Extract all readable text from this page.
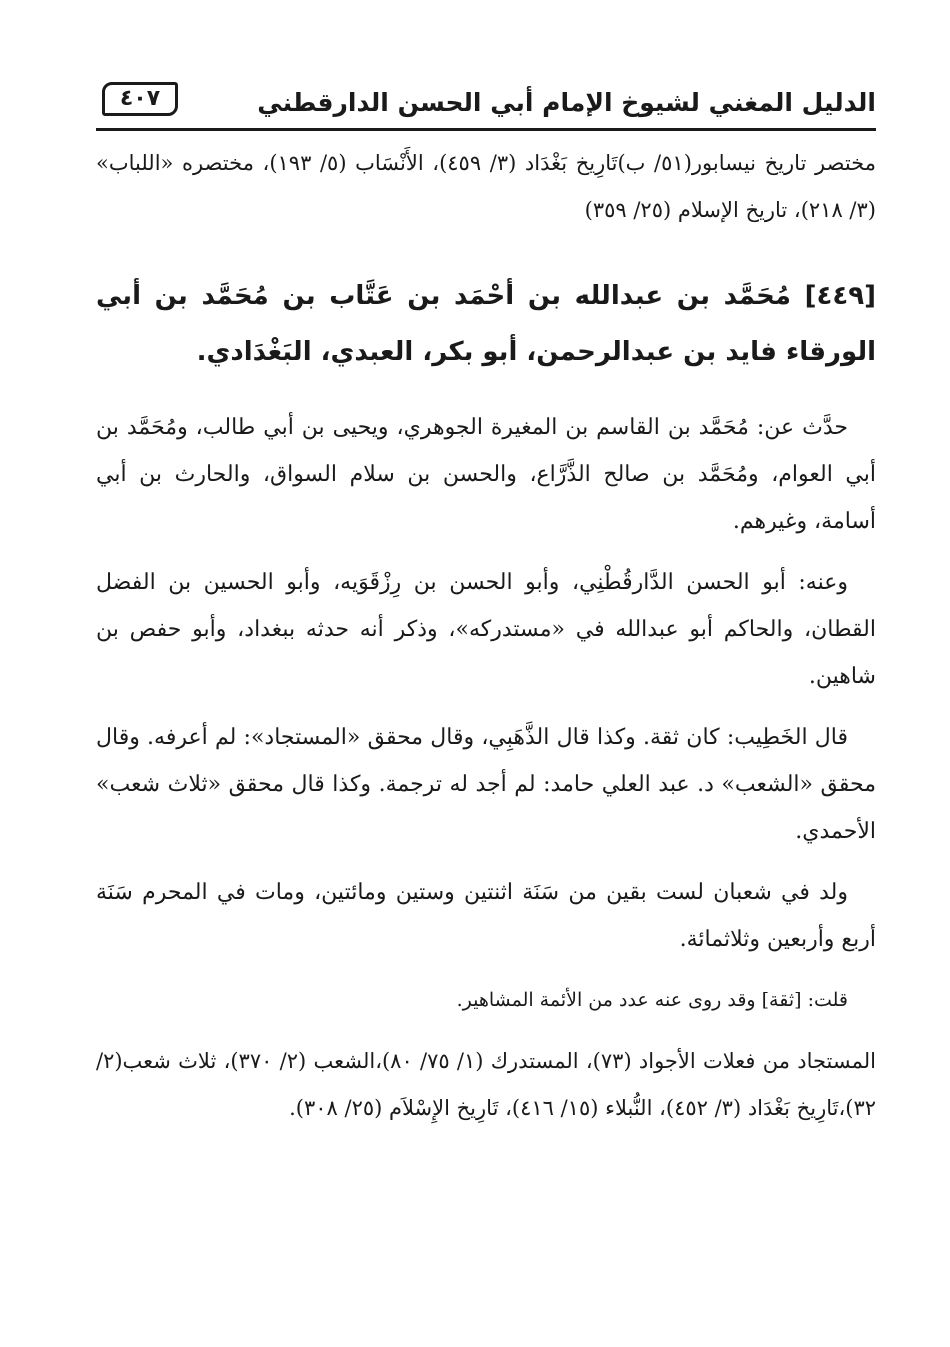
الدليل المغني لشيوخ الإمام أبي الحسن الدارقطني
٤٠٧

مختصر تاريخ نيسابور(٥١/ ب)تَارِيخ بَغْدَاد (٣/ ٤٥٩)، الأَنْسَاب (٥/ ١٩٣)، مختصره «اللباب» (٣/ ٢١٨)، تاريخ الإسلام (٢٥/ ٣٥٩)

[٤٤٩] مُحَمَّد بن عبدالله بن أحْمَد بن عَتَّاب بن مُحَمَّد بن أبي الورقاء فايد بن عبدالرحمن، أبو بكر، العبدي، البَغْدَادي.

حدَّث عن: مُحَمَّد بن القاسم بن المغيرة الجوهري، ويحيى بن أبي طالب، ومُحَمَّد بن أبي العوام، ومُحَمَّد بن صالح الذَّرَّاع، والحسن بن سلام السواق، والحارث بن أبي أسامة، وغيرهم.

وعنه: أبو الحسن الدَّارقُطْنِي، وأبو الحسن بن رِزْقَوَيه، وأبو الحسين بن الفضل القطان، والحاكم أبو عبدالله في «مستدركه»، وذكر أنه حدثه ببغداد، وأبو حفص بن شاهين.

قال الخَطِيب: كان ثقة. وكذا قال الذَّهَبِي، وقال محقق «المستجاد»: لم أعرفه. وقال محقق «الشعب» د. عبد العلي حامد: لم أجد له ترجمة. وكذا قال محقق «ثلاث شعب» الأحمدي.

ولد في شعبان لست بقين من سَنَة اثنتين وستين ومائتين، ومات في المحرم سَنَة أربع وأربعين وثلاثمائة.

قلت: [ثقة] وقد روى عنه عدد من الأئمة المشاهير.

المستجاد من فعلات الأجواد (٧٣)، المستدرك (١/ ٧٥/ ٨٠)،الشعب (٢/ ٣٧٠)، ثلاث شعب(٢/ ٣٢)،تَارِيخ بَغْدَاد (٣/ ٤٥٢)، النُّبلاء (١٥/ ٤١٦)، تَارِيخ الإِسْلاَم (٢٥/ ٣٠٨).
